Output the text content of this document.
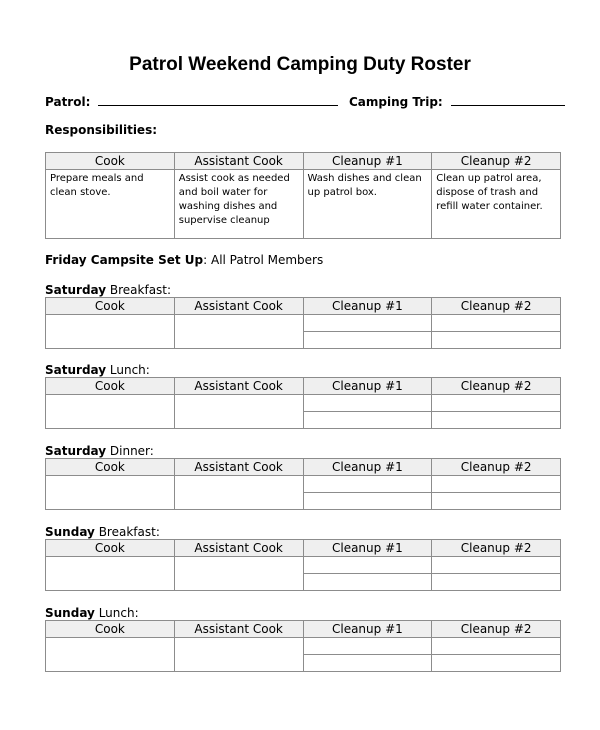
Patrol Weekend Camping Duty Roster
Patrol:	Camping Trip:
Responsibilities:
Cook	Assistant Cook	Cleanup #1	Cleanup #2
Prepare meals and clean stove.	Assist cook as needed and boil water for washing dishes and supervise cleanup	Wash dishes and clean up patrol box.	Clean up patrol area, dispose of trash and refill water container.
Friday Campsite Set Up: All Patrol Members
Saturday Breakfast:
Cook	Assistant Cook	Cleanup #1	Cleanup #2

Saturday Lunch:
Cook	Assistant Cook	Cleanup #1	Cleanup #2

Saturday Dinner:
Cook	Assistant Cook	Cleanup #1	Cleanup #2

Sunday Breakfast:
Cook	Assistant Cook	Cleanup #1	Cleanup #2

Sunday Lunch:
Cook	Assistant Cook	Cleanup #1	Cleanup #2
